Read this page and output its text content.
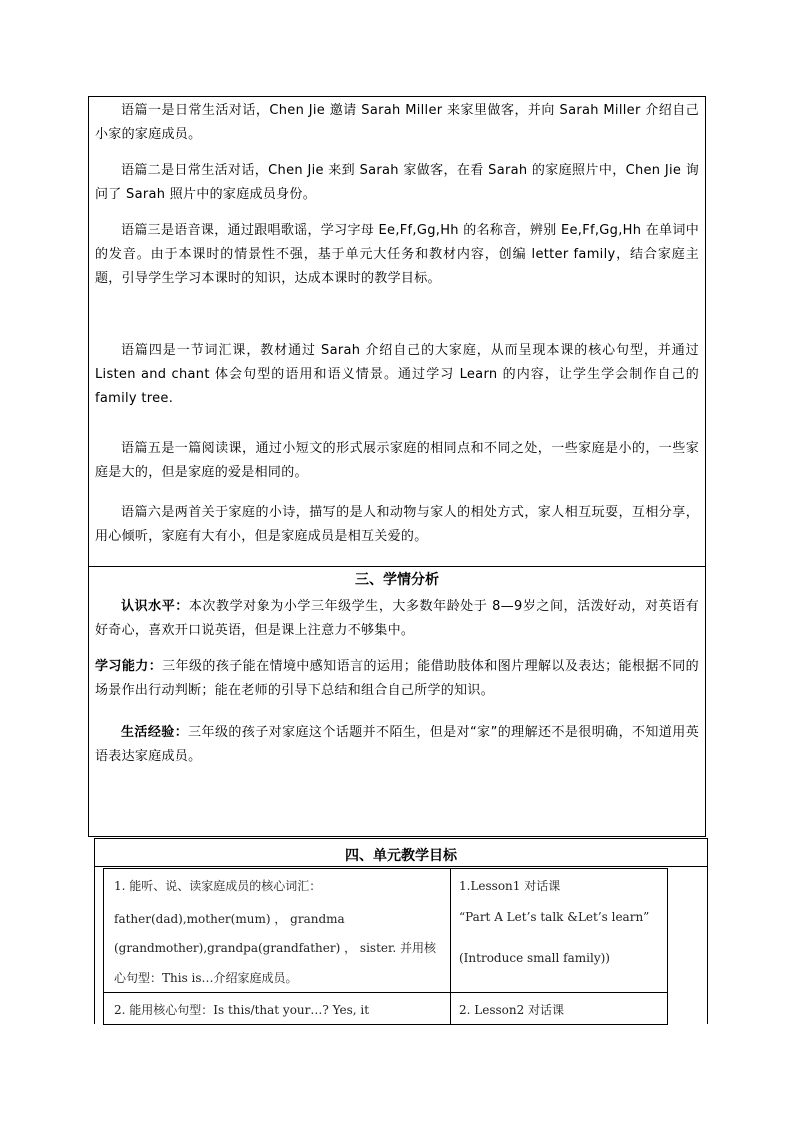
语篇一是日常生活对话，Chen Jie 邀请 Sarah Miller 来家里做客，并向 Sarah Miller 介绍自己小家的家庭成员。

语篇二是日常生活对话，Chen Jie 来到 Sarah 家做客，在看 Sarah 的家庭照片中，Chen Jie 询问了 Sarah 照片中的家庭成员身份。

语篇三是语音课，通过跟唱歌谣，学习字母 Ee,Ff,Gg,Hh 的名称音，辨别 Ee,Ff,Gg,Hh 在单词中的发音。由于本课时的情景性不强，基于单元大任务和教材内容，创编 letter family，结合家庭主题，引导学生学习本课时的知识，达成本课时的教学目标。

语篇四是一节词汇课，教材通过 Sarah 介绍自己的大家庭，从而呈现本课的核心句型，并通过 Listen and chant 体会句型的语用和语义情景。通过学习 Learn 的内容，让学生学会制作自己的 family tree.

语篇五是一篇阅读课，通过小短文的形式展示家庭的相同点和不同之处，一些家庭是小的，一些家庭是大的，但是家庭的爱是相同的。

语篇六是两首关于家庭的小诗，描写的是人和动物与家人的相处方式，家人相互玩耍，互相分享，用心倾听，家庭有大有小，但是家庭成员是相互关爱的。

三、学情分析

认识水平：本次教学对象为小学三年级学生，大多数年龄处于 8—9岁之间，活泼好动，对英语有好奇心，喜欢开口说英语，但是课上注意力不够集中。

学习能力：三年级的孩子能在情境中感知语言的运用；能借助肢体和图片理解以及表达；能根据不同的场景作出行动判断；能在老师的引导下总结和组合自己所学的知识。

生活经验：三年级的孩子对家庭这个话题并不陌生，但是对“家”的理解还不是很明确，不知道用英语表达家庭成员。

四、单元教学目标
1. 能听、说、读家庭成员的核心词汇：
father(dad),mother(mum) ， grandma
(grandmother),grandpa(grandfather) ， sister. 并用核
心句型：This is…介绍家庭成员。
1.Lesson1 对话课
“Part A Let’s talk &Let’s learn”
(Introduce small family))
2. 能用核心句型：Is this/that your…? Yes, it	2. Lesson2 对话课
